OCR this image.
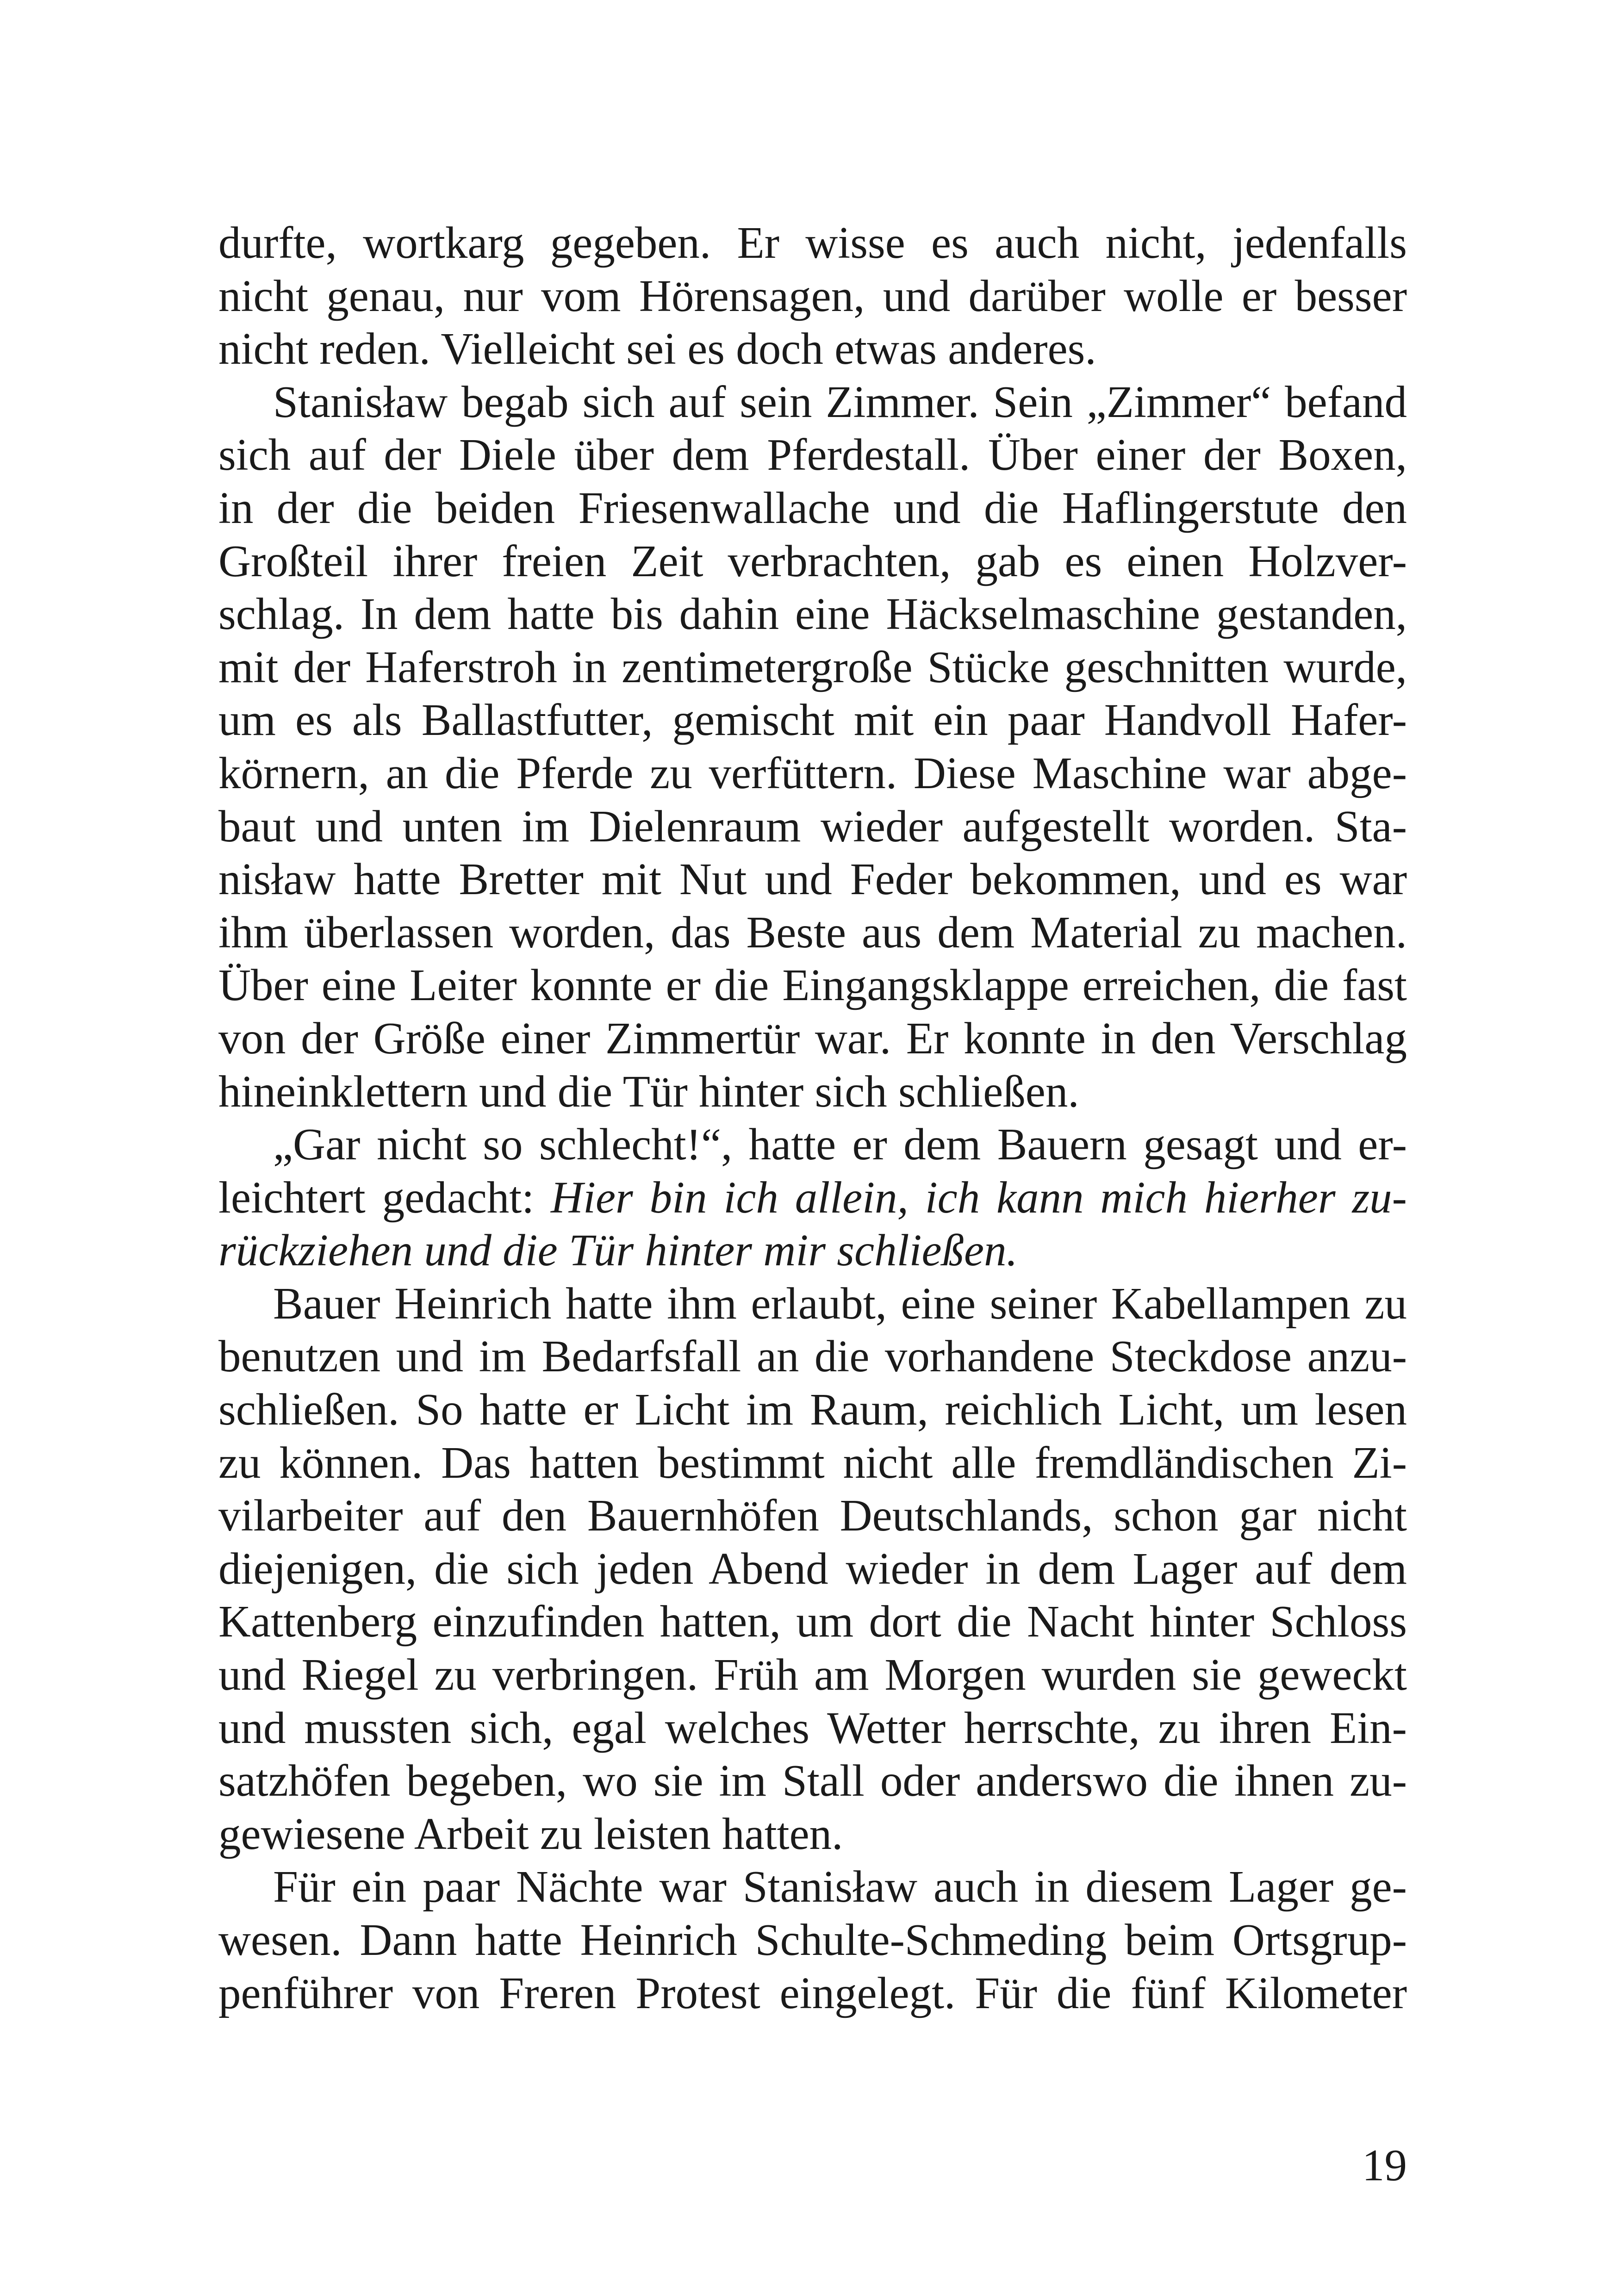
durfte, wortkarg gegeben. Er wisse es auch nicht, jedenfalls
nicht genau, nur vom Hörensagen, und darüber wolle er besser
nicht reden. Vielleicht sei es doch etwas anderes.
Stanisław begab sich auf sein Zimmer. Sein „Zimmer“ befand
sich auf der Diele über dem Pferdestall. Über einer der Boxen,
in der die beiden Friesenwallache und die Haflingerstute den
Großteil ihrer freien Zeit verbrachten, gab es einen Holzver-
schlag. In dem hatte bis dahin eine Häckselmaschine gestanden,
mit der Haferstroh in zentimetergroße Stücke geschnitten wurde,
um es als Ballastfutter, gemischt mit ein paar Handvoll Hafer-
körnern, an die Pferde zu verfüttern. Diese Maschine war abge-
baut und unten im Dielenraum wieder aufgestellt worden. Sta-
nisław hatte Bretter mit Nut und Feder bekommen, und es war
ihm überlassen worden, das Beste aus dem Material zu machen.
Über eine Leiter konnte er die Eingangsklappe erreichen, die fast
von der Größe einer Zimmertür war. Er konnte in den Verschlag
hineinklettern und die Tür hinter sich schließen.
„Gar nicht so schlecht!“, hatte er dem Bauern gesagt und er-
leichtert gedacht: Hier bin ich allein, ich kann mich hierher zu-
rückziehen und die Tür hinter mir schließen.
Bauer Heinrich hatte ihm erlaubt, eine seiner Kabellampen zu
benutzen und im Bedarfsfall an die vorhandene Steckdose anzu-
schließen. So hatte er Licht im Raum, reichlich Licht, um lesen
zu können. Das hatten bestimmt nicht alle fremdländischen Zi-
vilarbeiter auf den Bauernhöfen Deutschlands, schon gar nicht
diejenigen, die sich jeden Abend wieder in dem Lager auf dem
Kattenberg einzufinden hatten, um dort die Nacht hinter Schloss
und Riegel zu verbringen. Früh am Morgen wurden sie geweckt
und mussten sich, egal welches Wetter herrschte, zu ihren Ein-
satzhöfen begeben, wo sie im Stall oder anderswo die ihnen zu-
gewiesene Arbeit zu leisten hatten.
Für ein paar Nächte war Stanisław auch in diesem Lager ge-
wesen. Dann hatte Heinrich Schulte-Schmeding beim Ortsgrup-
penführer von Freren Protest eingelegt. Für die fünf Kilometer
19
